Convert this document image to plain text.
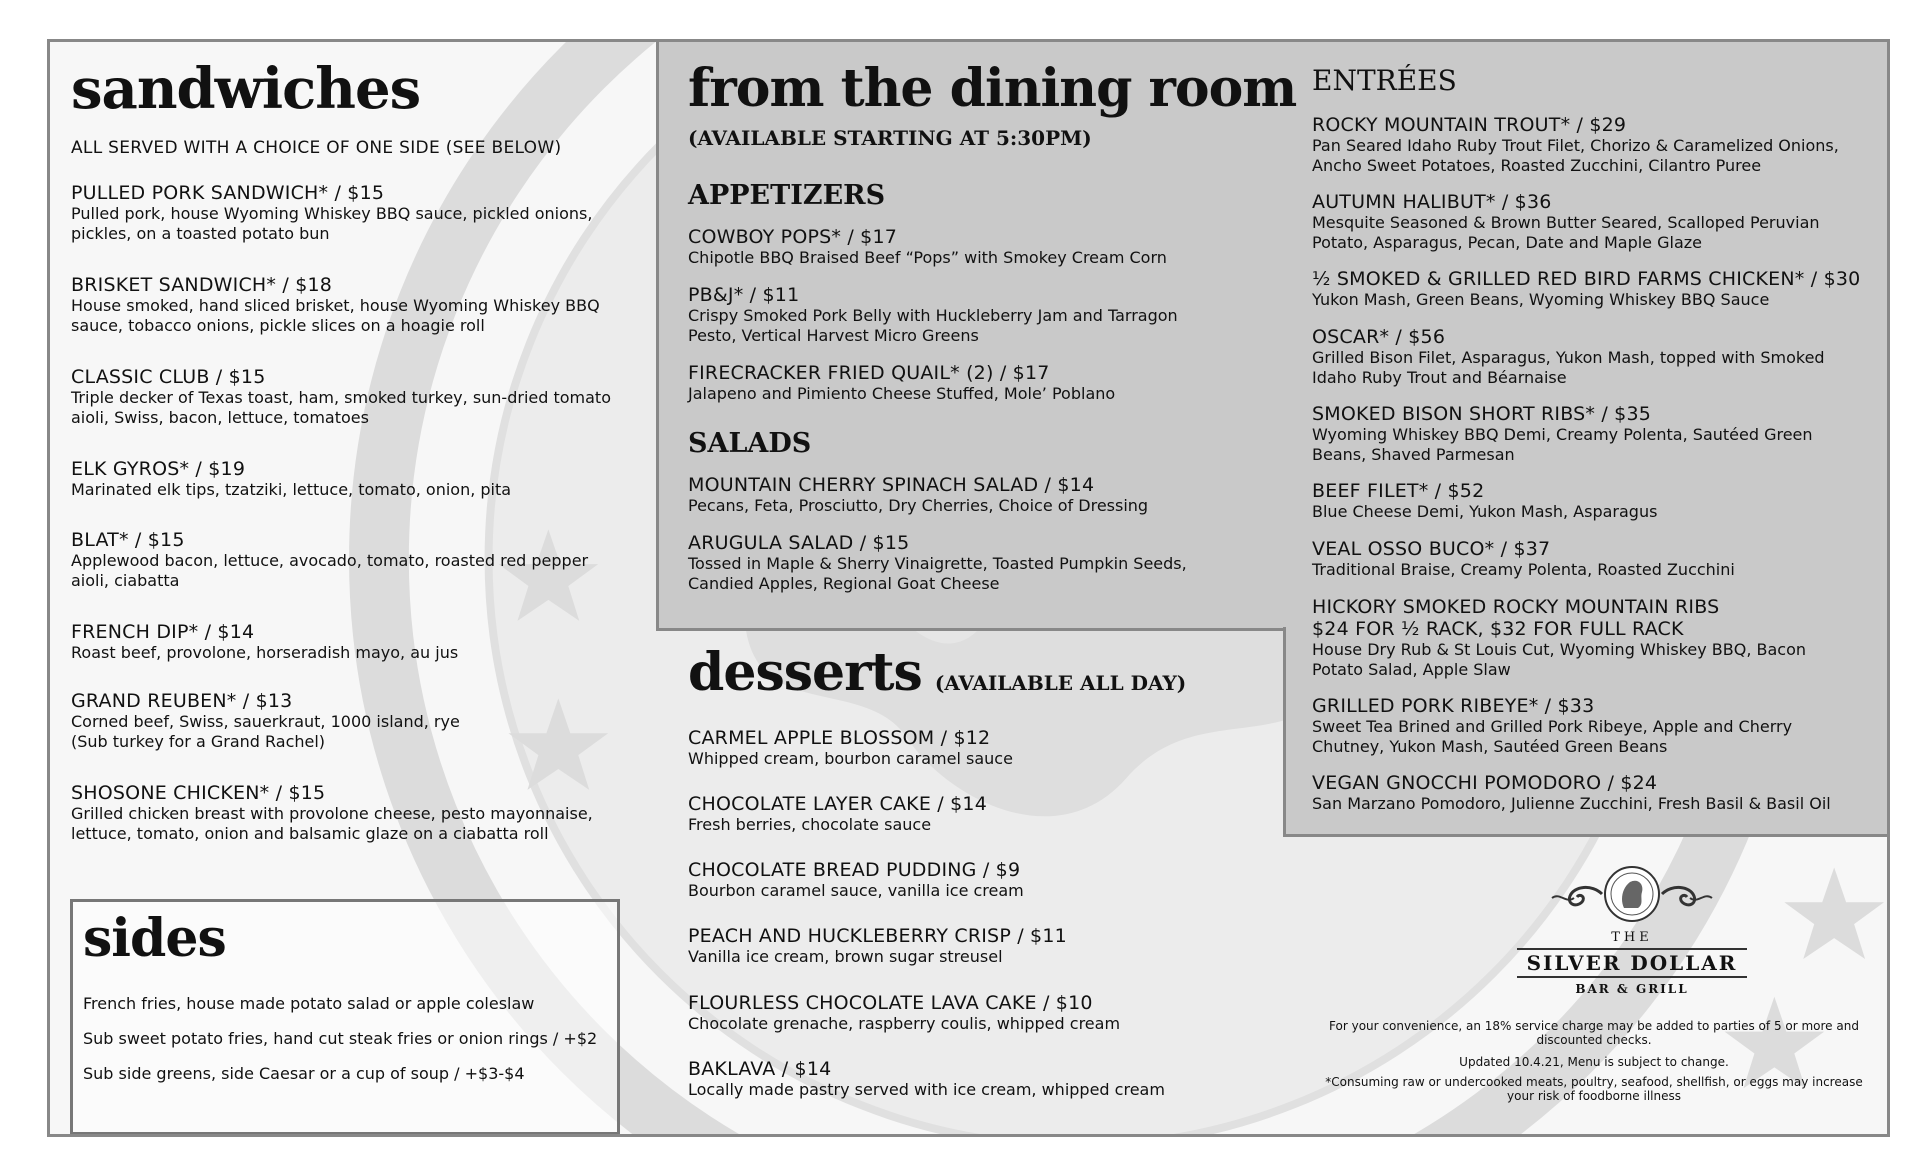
sandwiches
ALL SERVED WITH A CHOICE OF ONE SIDE (SEE BELOW)
PULLED PORK SANDWICH* / $15
Pulled pork, house Wyoming Whiskey BBQ sauce, pickled onions,
pickles, on a toasted potato bun
BRISKET SANDWICH* / $18
House smoked, hand sliced brisket, house Wyoming Whiskey BBQ
sauce, tobacco onions, pickle slices on a hoagie roll
CLASSIC CLUB / $15
Triple decker of Texas toast, ham, smoked turkey, sun-dried tomato
aioli, Swiss, bacon, lettuce, tomatoes
ELK GYROS* / $19
Marinated elk tips, tzatziki, lettuce, tomato, onion, pita
BLAT* / $15
Applewood bacon, lettuce, avocado, tomato, roasted red pepper
aioli, ciabatta
FRENCH DIP* / $14
Roast beef, provolone, horseradish mayo, au jus
GRAND REUBEN* / $13
Corned beef, Swiss, sauerkraut, 1000 island, rye
(Sub turkey for a Grand Rachel)
SHOSONE CHICKEN* / $15
Grilled chicken breast with provolone cheese, pesto mayonnaise,
lettuce, tomato, onion and balsamic glaze on a ciabatta roll
sides
French fries, house made potato salad or apple coleslaw
Sub sweet potato fries, hand cut steak fries or onion rings / +$2
Sub side greens, side Caesar or a cup of soup / +$3-$4
from the dining room
(AVAILABLE STARTING AT 5:30PM)
APPETIZERS
COWBOY POPS* / $17
Chipotle BBQ Braised Beef “Pops” with Smokey Cream Corn
PB&J* / $11
Crispy Smoked Pork Belly with Huckleberry Jam and Tarragon
Pesto, Vertical Harvest Micro Greens
FIRECRACKER FRIED QUAIL* (2) / $17
Jalapeno and Pimiento Cheese Stuffed, Mole’ Poblano
SALADS
MOUNTAIN CHERRY SPINACH SALAD / $14
Pecans, Feta, Prosciutto, Dry Cherries, Choice of Dressing
ARUGULA SALAD / $15
Tossed in Maple & Sherry Vinaigrette, Toasted Pumpkin Seeds,
Candied Apples, Regional Goat Cheese
ENTRÉES
ROCKY MOUNTAIN TROUT* / $29
Pan Seared Idaho Ruby Trout Filet, Chorizo & Caramelized Onions,
Ancho Sweet Potatoes, Roasted Zucchini, Cilantro Puree
AUTUMN HALIBUT* / $36
Mesquite Seasoned & Brown Butter Seared, Scalloped Peruvian
Potato, Asparagus, Pecan, Date and Maple Glaze
½ SMOKED & GRILLED RED BIRD FARMS CHICKEN* / $30
Yukon Mash, Green Beans, Wyoming Whiskey BBQ Sauce
OSCAR* / $56
Grilled Bison Filet, Asparagus, Yukon Mash, topped with Smoked
Idaho Ruby Trout and Béarnaise
SMOKED BISON SHORT RIBS* / $35
Wyoming Whiskey BBQ Demi, Creamy Polenta, Sautéed Green
Beans, Shaved Parmesan
BEEF FILET* / $52
Blue Cheese Demi, Yukon Mash, Asparagus
VEAL OSSO BUCO* / $37
Traditional Braise, Creamy Polenta, Roasted Zucchini
HICKORY SMOKED ROCKY MOUNTAIN RIBS
$24 FOR ½ RACK, $32 FOR FULL RACK
House Dry Rub & St Louis Cut, Wyoming Whiskey BBQ, Bacon
Potato Salad, Apple Slaw
GRILLED PORK RIBEYE* / $33
Sweet Tea Brined and Grilled Pork Ribeye, Apple and Cherry
Chutney, Yukon Mash, Sautéed Green Beans
VEGAN GNOCCHI POMODORO / $24
San Marzano Pomodoro, Julienne Zucchini, Fresh Basil & Basil Oil
desserts (AVAILABLE ALL DAY)
CARMEL APPLE BLOSSOM / $12
Whipped cream, bourbon caramel sauce
CHOCOLATE LAYER CAKE / $14
Fresh berries, chocolate sauce
CHOCOLATE BREAD PUDDING / $9
Bourbon caramel sauce, vanilla ice cream
PEACH AND HUCKLEBERRY CRISP / $11
Vanilla ice cream, brown sugar streusel
FLOURLESS CHOCOLATE LAVA CAKE / $10
Chocolate grenache, raspberry coulis, whipped cream
BAKLAVA / $14
Locally made pastry served with ice cream, whipped cream
THE
SILVER DOLLAR
BAR & GRILL
For your convenience, an 18% service charge may be added to parties of 5 or more and
discounted checks.
Updated 10.4.21, Menu is subject to change.
*Consuming raw or undercooked meats, poultry, seafood, shellfish, or eggs may increase
your risk of foodborne illness
